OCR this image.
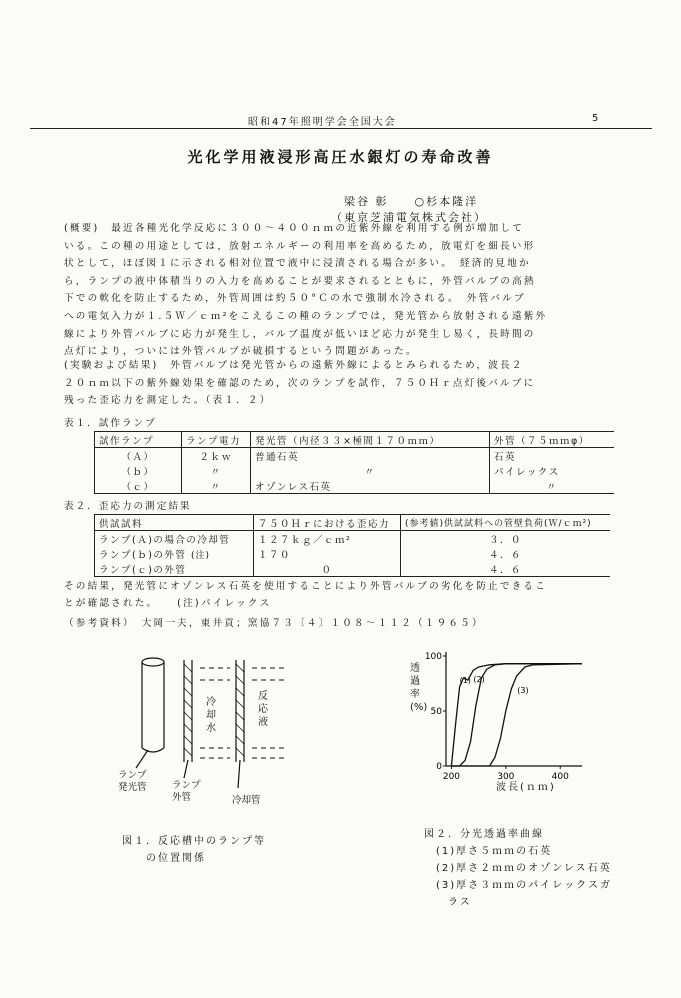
昭和47年照明学会全国大会	5
光化学用液浸形高圧水銀灯の寿命改善
梁谷 彰　　○杉本隆洋
（東京芝浦電気株式会社）
(概要)　最近各種光化学反応に３００〜４００ｎｍの近紫外線を利用する例が増加して
いる。この種の用途としては，放射エネルギーの利用率を高めるため，放電灯を細長い形
状として，ほぼ図１に示される相対位置で液中に浸漬される場合が多い。　経済的見地か
ら，ランプの液中体積当りの入力を高めることが要求されるとともに，外管バルブの高熱
下での軟化を防止するため，外管周囲は約５０°Ｃの水で強制水冷される。　外管バルブ
への電気入力が１.５Ｗ／ｃｍ²をこえるこの種のランプでは，発光管から放射される遠紫外
線により外管バルブに応力が発生し，バルブ温度が低いほど応力が発生し易く，長時間の
点灯により，ついには外管バルブが破損するという問題があった。
(実験および結果)　外管バルブは発光管からの遠紫外線によるとみられるため，波長２
２０ｎｍ以下の紫外線効果を確認のため，次のランプを試作，７５０Ｈｒ点灯後バルブに
残った歪応力を測定した。（表１．２）
表１．試作ランプ
試作ランプ	ランプ電力	発光管（内径３３×極間１７０ｍｍ）	外管（７５ｍｍφ）
（Ａ）	２ｋｗ	普通石英	石英
（ｂ）	〃	〃	パイレックス
（ｃ）	〃	オゾンレス石英	〃
表２．歪応力の測定結果
供試試料	７５０Ｈｒにおける歪応力	(参考値)供試試料への管壁負荷(Ｗ/ｃｍ²)
ランプ(Ａ)の場合の冷却管	１２７ｋｇ／ｃｍ²	３．０
ランプ(ｂ)の外管 (注)	１７０	４．６
ランプ(ｃ)の外管	０	４．６
その結果，発光管にオゾンレス石英を使用することにより外管バルブの劣化を防止できるこ
とが確認された。　　(注)パイレックス
（参考資料）　大岡一夫，東井貢；窯協７３〔４〕１０８〜１１２（１９６５）
冷
却
水
反
応
液
ランプ
発光管	ランプ
外管	冷却管
図１．反応槽中のランプ等
　　の位置関係
200	300	400
0
50
100
(1) (2)
(3)
透過率(%)
波長(ｎｍ)
図２．分光透過率曲線
　(1)厚さ５ｍｍの石英
　(2)厚さ２ｍｍのオゾンレス石英
　(3)厚さ３ｍｍのパイレックスガ
　　ラス
